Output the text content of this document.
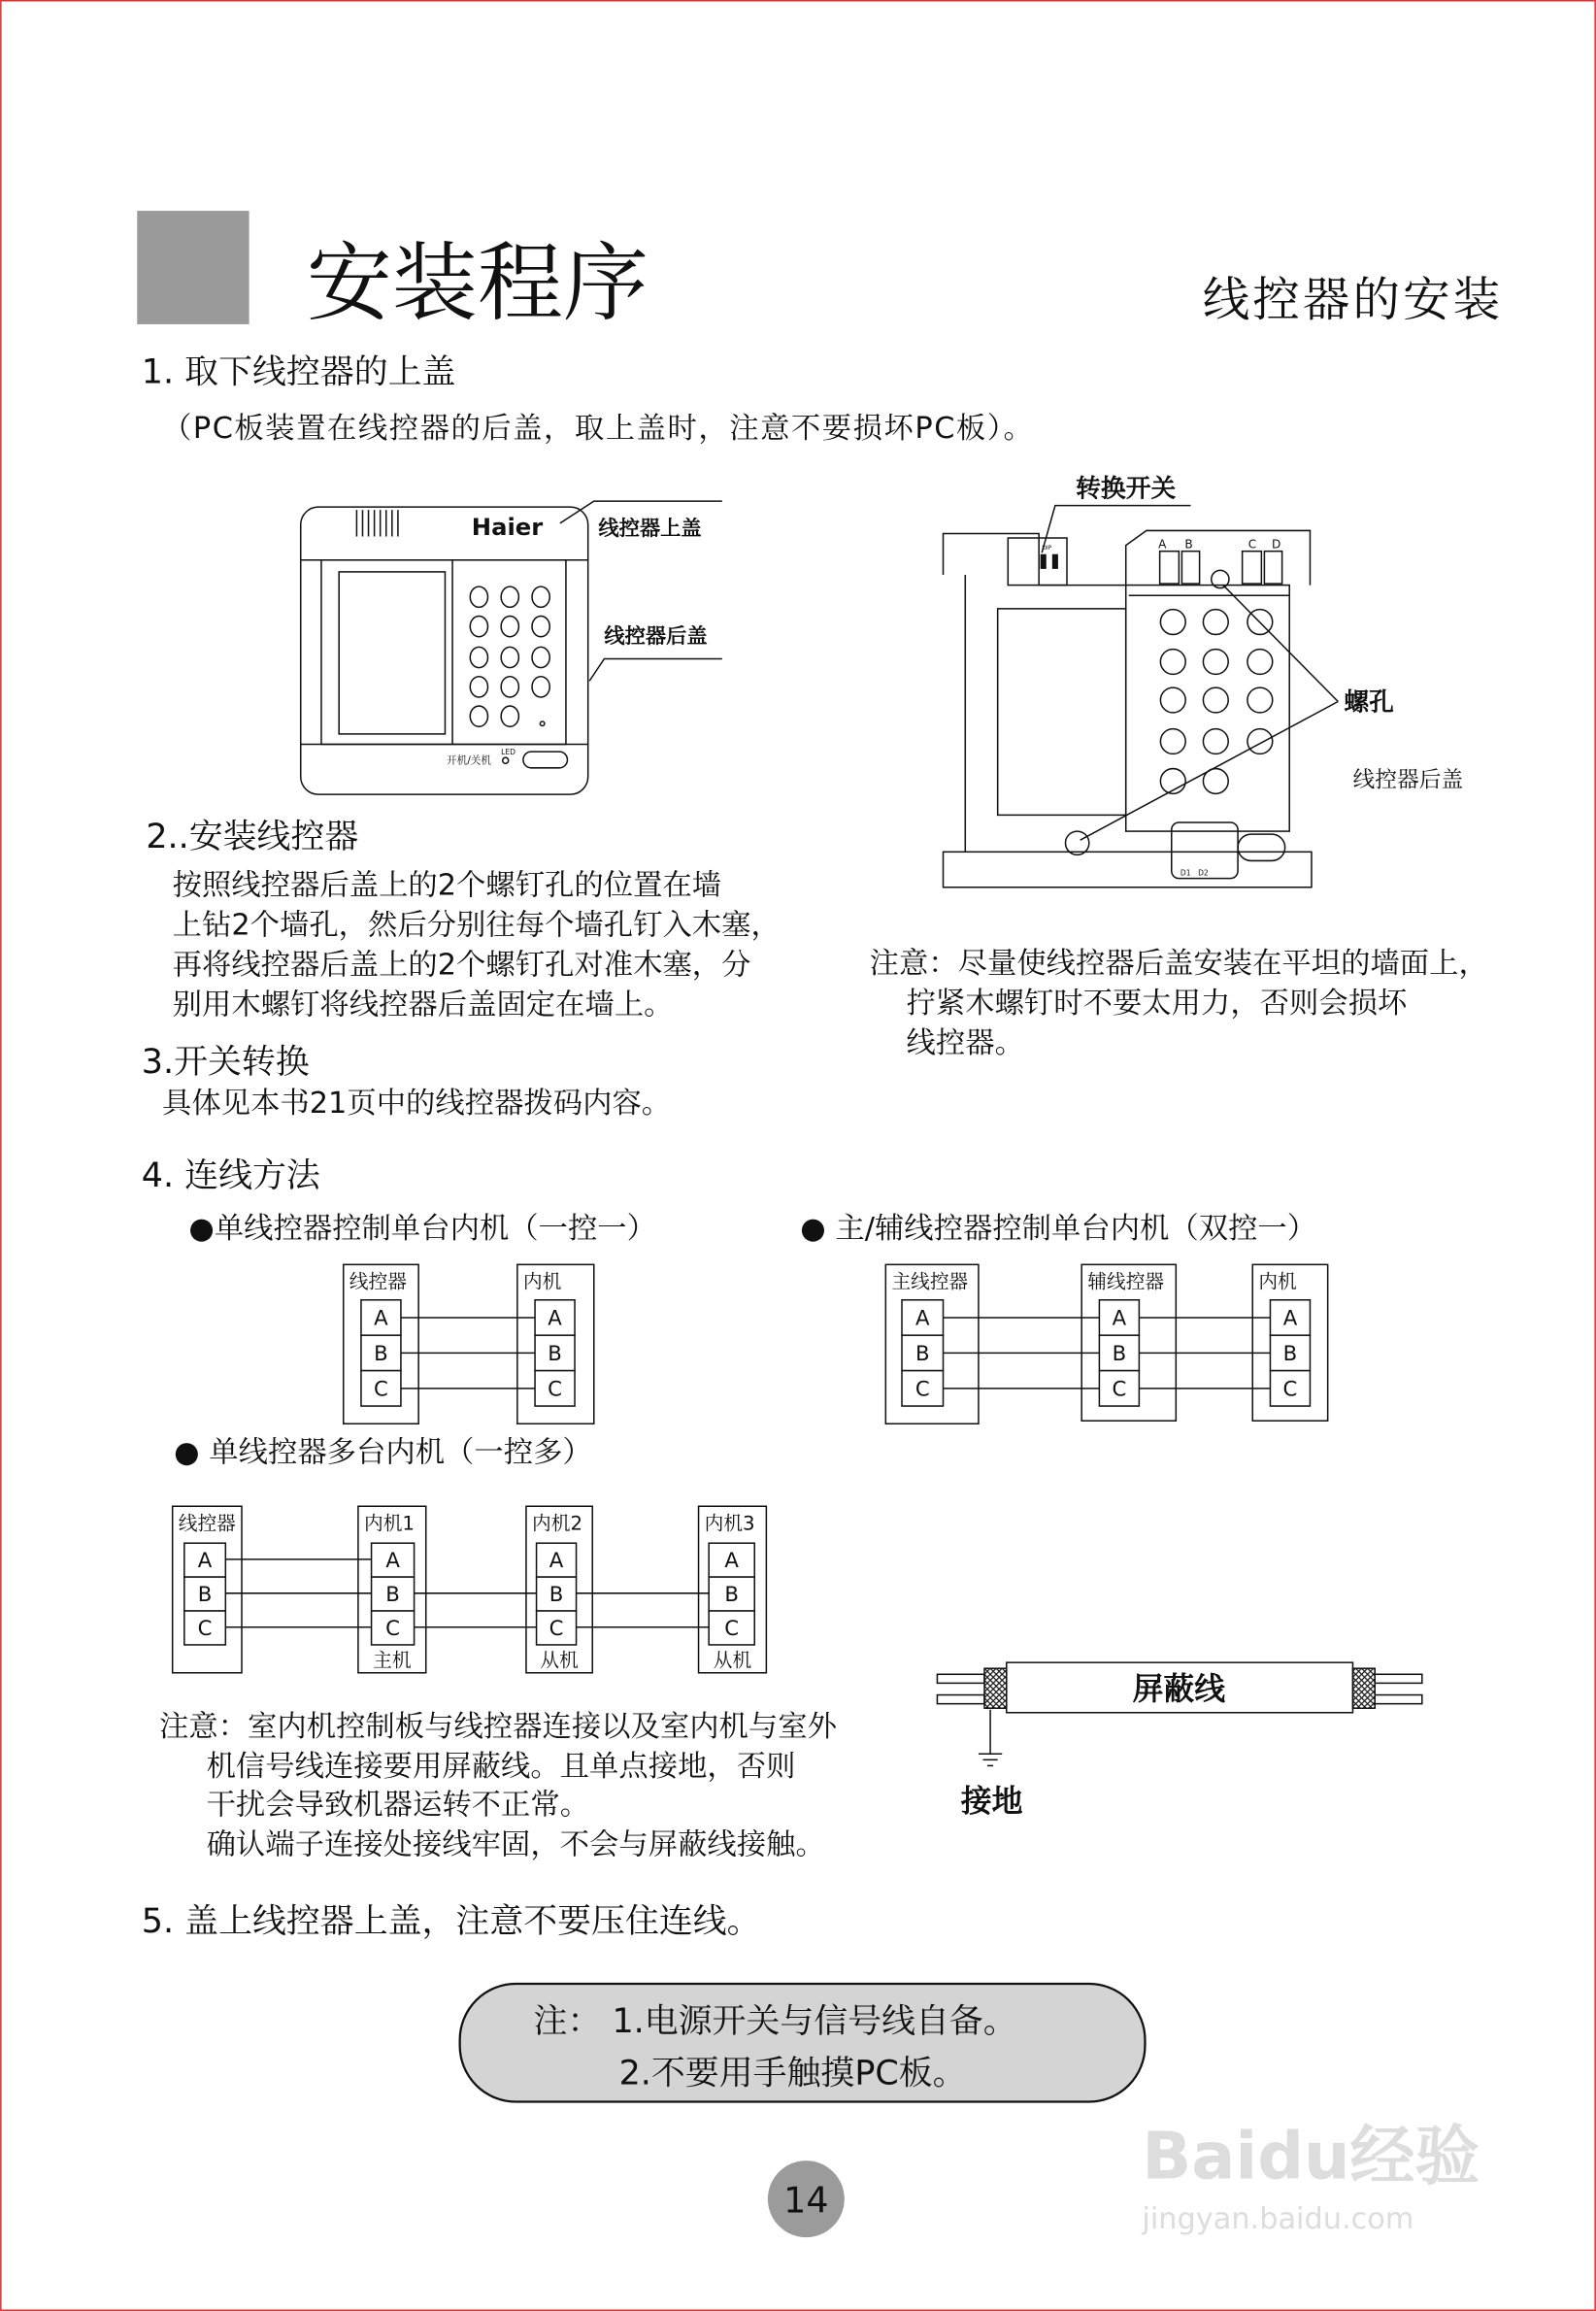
安装程序	线控器的安装
1. 取下线控器的上盖
（PC板装置在线控器的后盖，取上盖时，注意不要损坏PC板）。
Haier
开机/关机
LED
线控器上盖
线控器后盖
DIP	A B	C D
D1 D2
转换开关
螺孔
线控器后盖
2..安装线控器
按照线控器后盖上的2个螺钉孔的位置在墙
上钻2个墙孔，然后分别往每个墙孔钉入木塞，
再将线控器后盖上的2个螺钉孔对准木塞，分
别用木螺钉将线控器后盖固定在墙上。
注意：尽量使线控器后盖安装在平坦的墙面上，
拧紧木螺钉时不要太用力，否则会损坏
线控器。
3.开关转换
具体见本书21页中的线控器拨码内容。
4. 连线方法
●单线控器控制单台内机（一控一）	● 主/辅线控器控制单台内机（双控一）
● 单线控器多台内机（一控多）
线控器
A
B
C
内机
A
B
C
主线控器
A
B
C
辅线控器
A
B
C
内机
A
B
C
线控器
A
B
C
内机1
A
B
C
主机
内机2
A
B
C
从机
内机3
A
B
C
从机
屏蔽线
接地
注意：室内机控制板与线控器连接以及室内机与室外
机信号线连接要用屏蔽线。且单点接地，否则
干扰会导致机器运转不正常。
确认端子连接处接线牢固，不会与屏蔽线接触。
5. 盖上线控器上盖，注意不要压住连线。
注： 1.电源开关与信号线自备。
2.不要用手触摸PC板。
14
Baidu经验
jingyan.baidu.com
